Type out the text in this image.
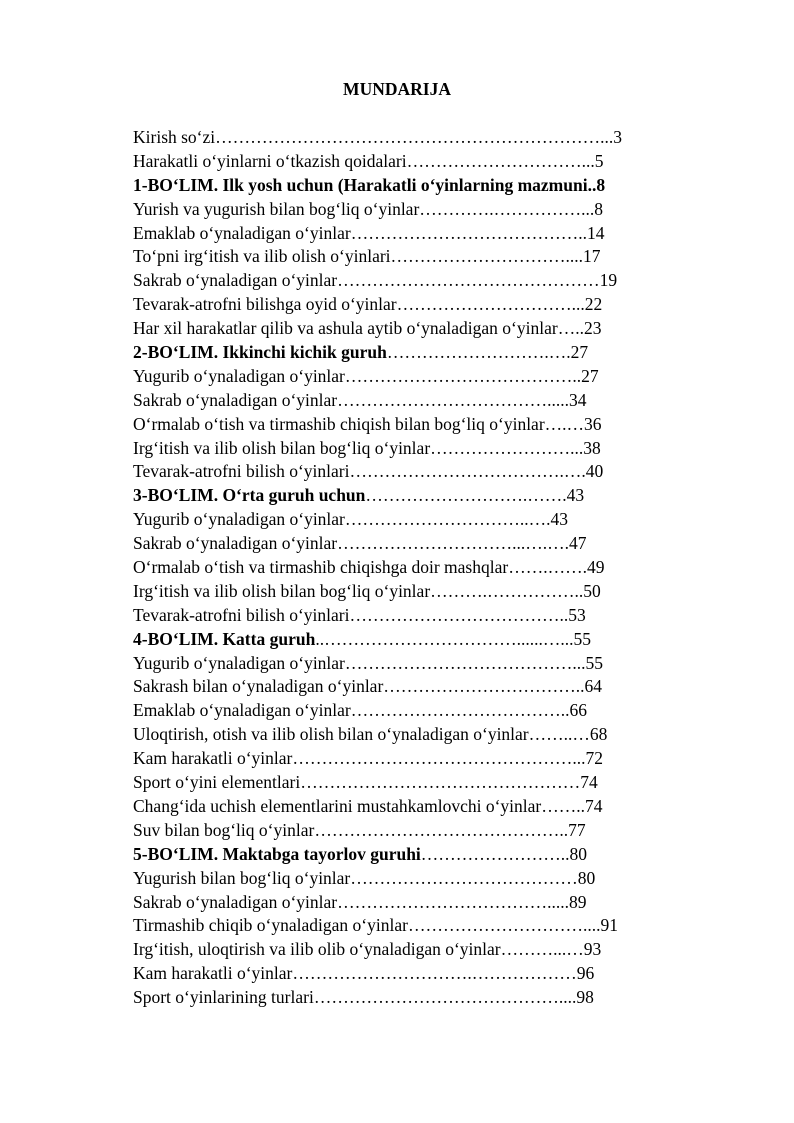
MUNDARIJA
Kirish so‘zi…………………………………………………………...3
Harakatli o‘yinlarni o‘tkazish qoidalari…………………………...5
1-BO‘LIM. Ilk yosh uchun (Harakatli o‘yinlarning mazmuni..8
Yurish va yugurish bilan bog‘liq o‘yinlar………….……………...8
Emaklab o‘ynaladigan o‘yinlar…………………………………..14
To‘pni irg‘itish va ilib olish o‘yinlari…………………………....17
Sakrab o‘ynaladigan o‘yinlar………………………………………19
Tevarak-atrofni bilishga oyid o‘yinlar…………………………...22
Har xil harakatlar qilib va ashula aytib o‘ynaladigan o‘yinlar…..23
2-BO‘LIM. Ikkinchi kichik guruh……………………….….27
Yugurib o‘ynaladigan o‘yinlar…………………………………..27
Sakrab o‘ynaladigan o‘yinlar……………………………….....34
O‘rmalab o‘tish va tirmashib chiqish bilan bog‘liq o‘yinlar….…36
Irg‘itish va ilib olish bilan bog‘liq o‘yinlar……………………...38
Tevarak-atrofni bilish o‘yinlari……………………………….….40
3-BO‘LIM. O‘rta guruh uchun……………………….…….43
Yugurib o‘ynaladigan o‘yinlar…………………………..….43
Sakrab o‘ynaladigan o‘yinlar…………………………...….….47
O‘rmalab o‘tish va tirmashib chiqishga doir mashqlar…….…….49
Irg‘itish va ilib olish bilan bog‘liq o‘yinlar……….……………..50
Tevarak-atrofni bilish o‘yinlari………………………………..53
4-BO‘LIM. Katta guruh..……………………………......…...55
Yugurib o‘ynaladigan o‘yinlar…………………………………...55
Sakrash bilan o‘ynaladigan o‘yinlar……………………………..64
Emaklab o‘ynaladigan o‘yinlar………………………………..66
Uloqtirish, otish va ilib olish bilan o‘ynaladigan o‘yinlar……..…68
Kam harakatli o‘yinlar…………………………………………...72
Sport o‘yini elementlari…………………………………………74
Chang‘ida uchish elementlarini mustahkamlovchi o‘yinlar……..74
Suv bilan bog‘liq o‘yinlar……………………………………..77
5-BO‘LIM. Maktabga tayorlov guruhi……………………..80
Yugurish bilan bog‘liq o‘yinlar…………………………………80
Sakrab o‘ynaladigan o‘yinlar……………………………….....89
Tirmashib chiqib o‘ynaladigan o‘yinlar…………………………....91
Irg‘itish, uloqtirish va ilib olib o‘ynaladigan o‘yinlar………...…93
Kam harakatli o‘yinlar………………………….………………96
Sport o‘yinlarining turlari……………………………………....98
